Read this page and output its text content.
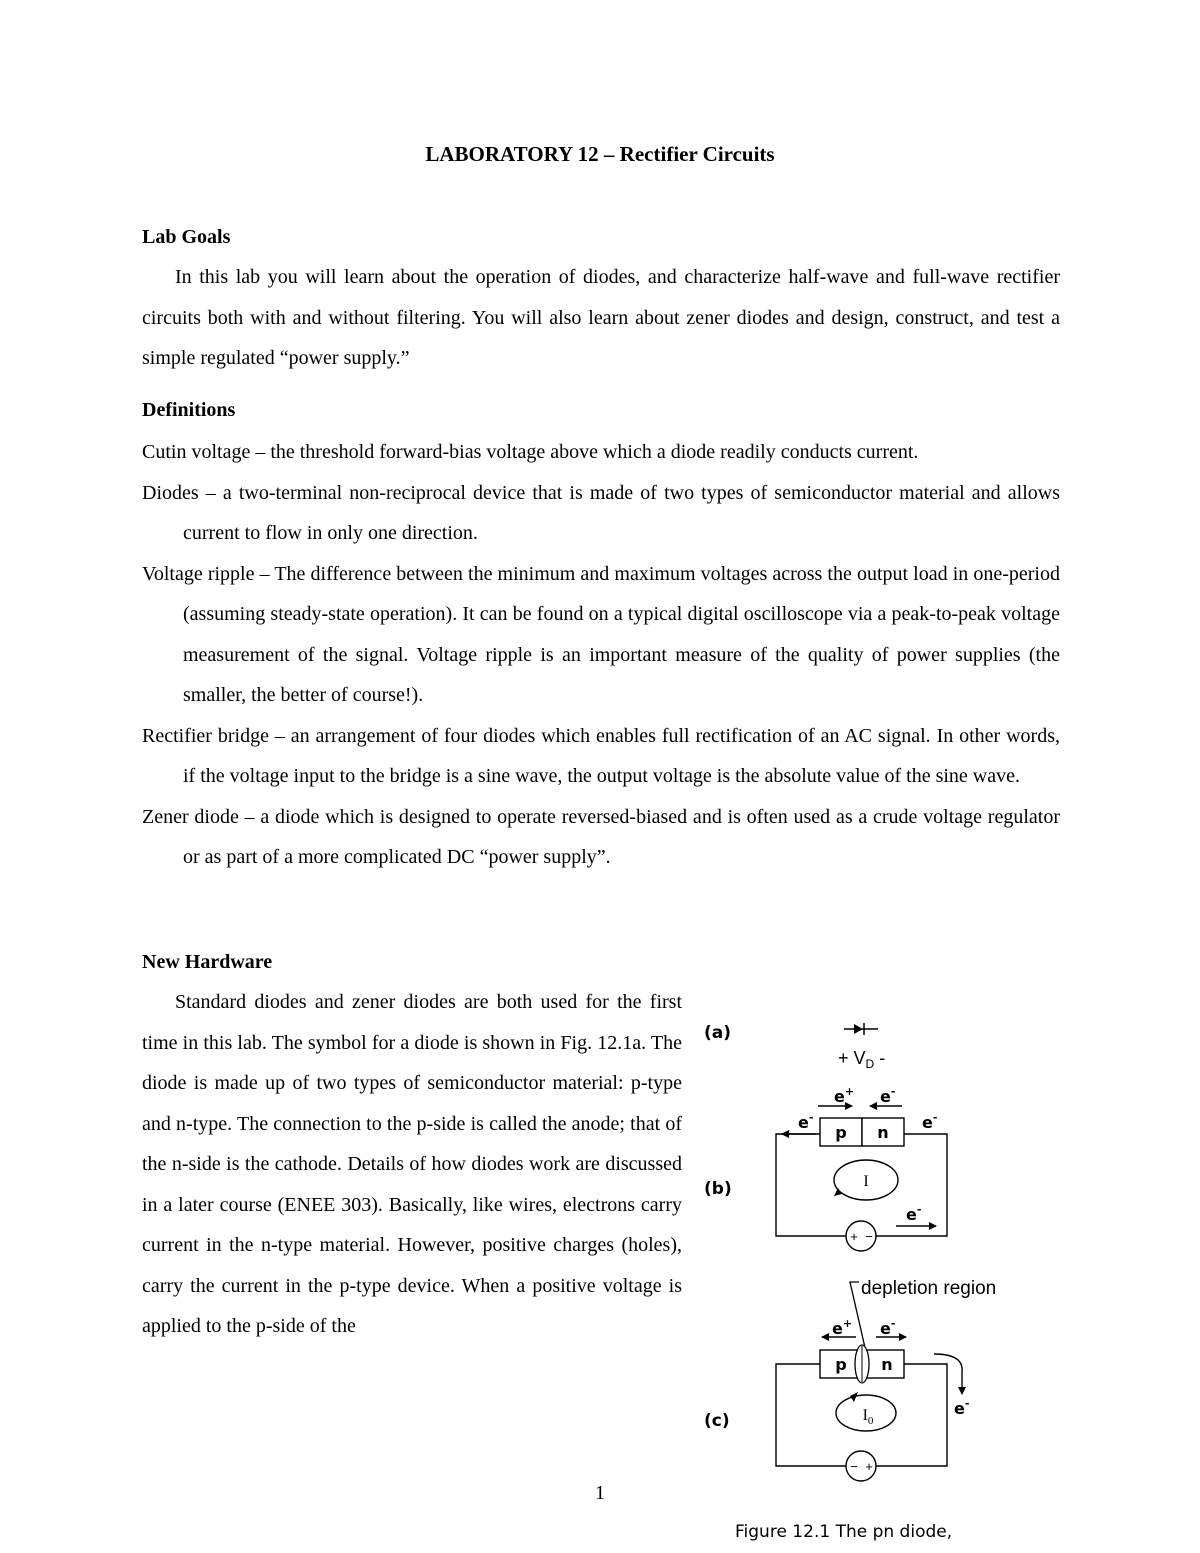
LABORATORY 12 – Rectifier Circuits
Lab Goals

In this lab you will learn about the operation of diodes, and characterize half-wave and full-wave rectifier circuits both with and without filtering. You will also learn about zener diodes and design, construct, and test a simple regulated “power supply.”

Definitions
Cutin voltage – the threshold forward-bias voltage above which a diode readily conducts current.
Diodes – a two-terminal non-reciprocal device that is made of two types of semiconductor material and allows current to flow in only one direction.
Voltage ripple – The difference between the minimum and maximum voltages across the output load in one-period (assuming steady-state operation). It can be found on a typical digital oscilloscope via a peak-to-peak voltage measurement of the signal. Voltage ripple is an important measure of the quality of power supplies (the smaller, the better of course!).
Rectifier bridge – an arrangement of four diodes which enables full rectification of an AC signal. In other words, if the voltage input to the bridge is a sine wave, the output voltage is the absolute value of the sine wave.
Zener diode – a diode which is designed to operate reversed-biased and is often used as a crude voltage regulator or as part of a more complicated DC “power supply”.
New Hardware

Standard diodes and zener diodes are both used for the first time in this lab. The symbol for a diode is shown in Fig. 12.1a. The diode is made up of two types of semiconductor material: p-type and n-type. The connection to the p-side is called the anode; that of the n-side is the cathode. Details of how diodes work are discussed in a later course (ENEE 303). Basically, like wires, electrons carry current in the n-type material. However, positive charges (holes), carry the current in the p-type device. When a positive voltage is applied to the p-side of the

(a)
+ $V_D$ -
(b)
e+ e-
p n
e-	e-
I
e-
+ −
depletion region
e+ e-
p n
e-
$I_0$
(c)
− +

1

Figure 12.1 The pn diode,
